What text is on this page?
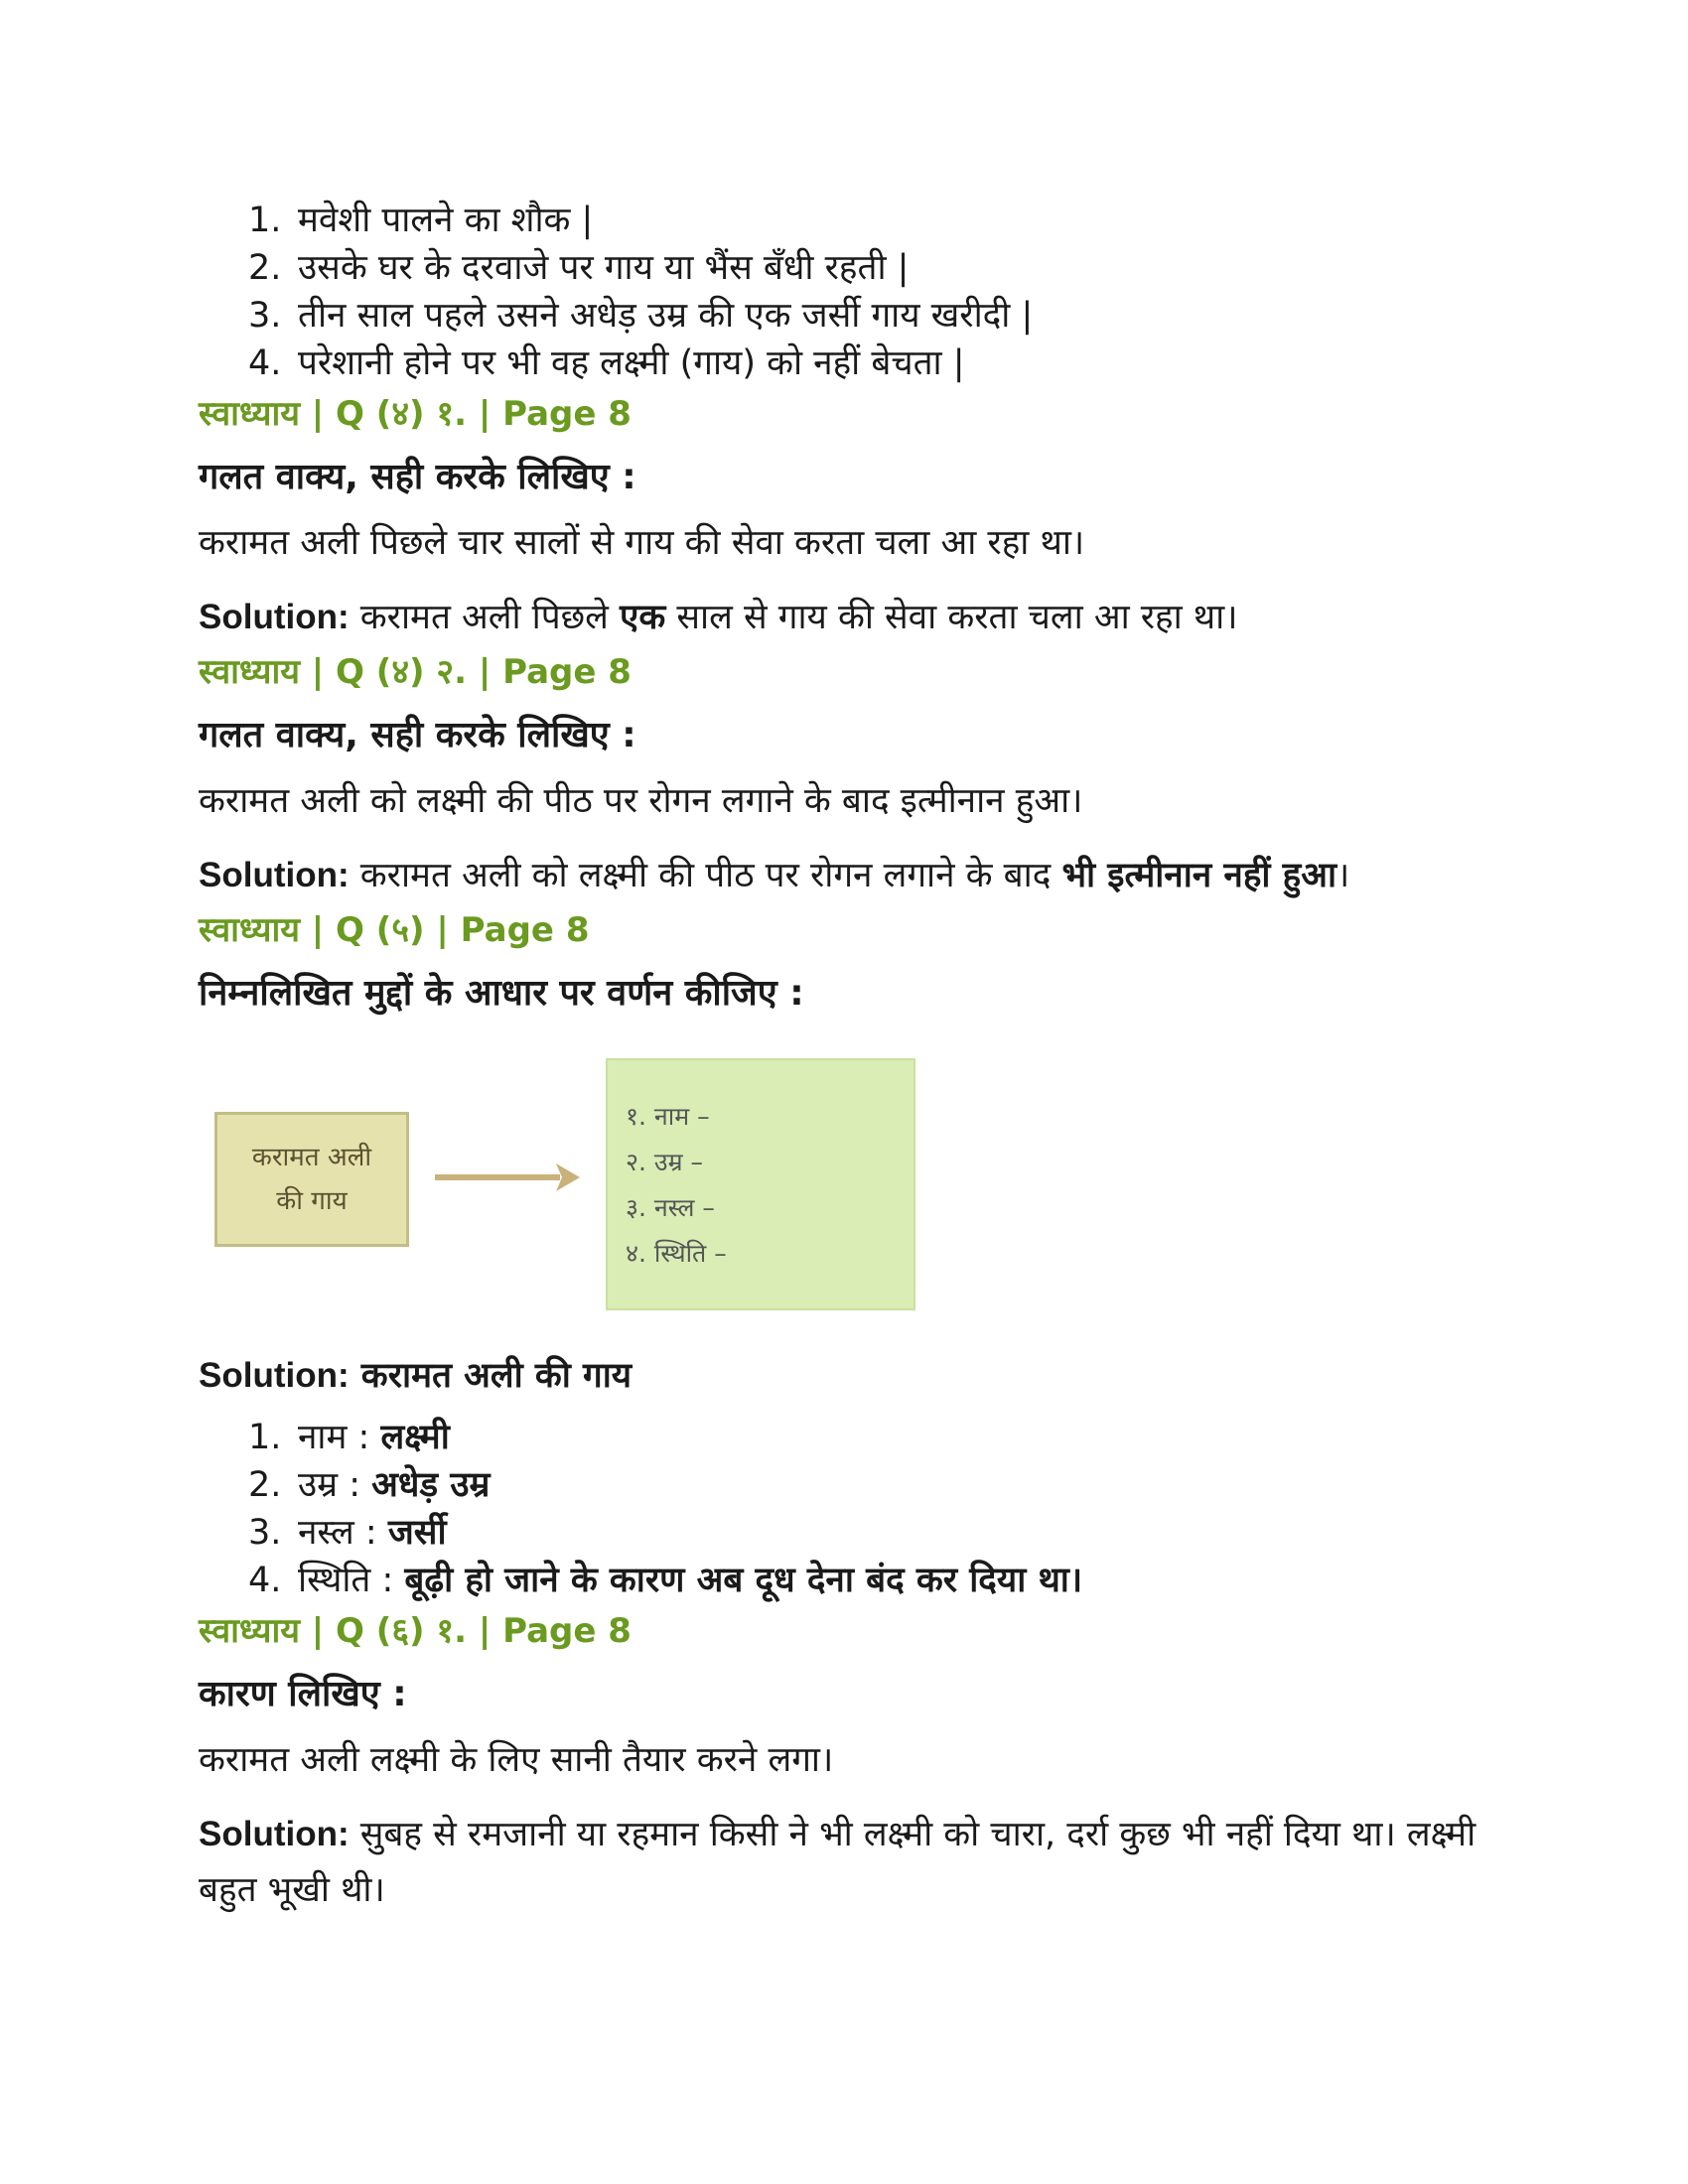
1. मवेशी पालने का शौक |
2. उसके घर के दरवाजे पर गाय या भैंस बँधी रहती |
3. तीन साल पहले उसने अधेड़ उम्र की एक जर्सी गाय खरीदी |
4. परेशानी होने पर भी वह लक्ष्मी (गाय) को नहीं बेचता |
स्वाध्याय | Q (४) १. | Page 8
गलत वाक्य, सही करके लिखिए :
करामत अली पिछले चार सालों से गाय की सेवा करता चला आ रहा था।
Solution: करामत अली पिछले एक साल से गाय की सेवा करता चला आ रहा था।
स्वाध्याय | Q (४) २. | Page 8
गलत वाक्य, सही करके लिखिए :
करामत अली को लक्ष्मी की पीठ पर रोगन लगाने के बाद इत्मीनान हुआ।
Solution: करामत अली को लक्ष्मी की पीठ पर रोगन लगाने के बाद भी इत्मीनान नहीं हुआ।
स्वाध्याय | Q (५) | Page 8
निम्नलिखित मुद्दों के आधार पर वर्णन कीजिए :
करामत अली
की गाय
१. नाम –
२. उम्र –
३. नस्ल –
४. स्थिति –
Solution: करामत अली की गाय
1. नाम : लक्ष्मी
2. उम्र : अधेड़ उम्र
3. नस्ल : जर्सी
4. स्थिति : बूढ़ी हो जाने के कारण अब दूध देना बंद कर दिया था।
स्वाध्याय | Q (६) १. | Page 8
कारण लिखिए :
करामत अली लक्ष्मी के लिए सानी तैयार करने लगा।
Solution: सुबह से रमजानी या रहमान किसी ने भी लक्ष्मी को चारा, दर्रा कुछ भी नहीं दिया था। लक्ष्मी बहुत भूखी थी।
